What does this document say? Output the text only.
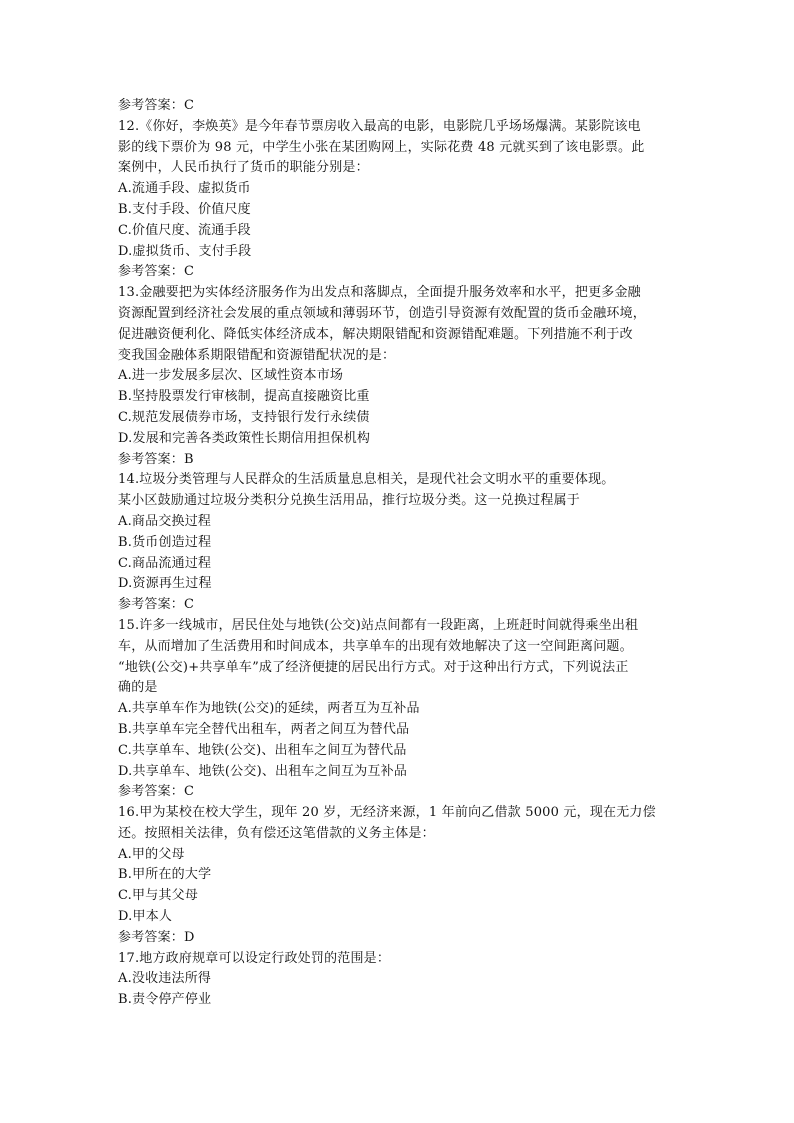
参考答案：C
12.《你好，李焕英》是今年春节票房收入最高的电影，电影院几乎场场爆满。某影院该电
影的线下票价为 98 元，中学生小张在某团购网上，实际花费 48 元就买到了该电影票。此
案例中，人民币执行了货币的职能分别是：
A.流通手段、虚拟货币
B.支付手段、价值尺度
C.价值尺度、流通手段
D.虚拟货币、支付手段
参考答案：C
13.金融要把为实体经济服务作为出发点和落脚点，全面提升服务效率和水平，把更多金融
资源配置到经济社会发展的重点领域和薄弱环节，创造引导资源有效配置的货币金融环境，
促进融资便利化、降低实体经济成本，解决期限错配和资源错配难题。下列措施不利于改
变我国金融体系期限错配和资源错配状况的是：
A.进一步发展多层次、区域性资本市场
B.坚持股票发行审核制，提高直接融资比重
C.规范发展债券市场，支持银行发行永续债
D.发展和完善各类政策性长期信用担保机构
参考答案：B
14.垃圾分类管理与人民群众的生活质量息息相关，是现代社会文明水平的重要体现。
某小区鼓励通过垃圾分类积分兑换生活用品，推行垃圾分类。这一兑换过程属于
A.商品交换过程
B.货币创造过程
C.商品流通过程
D.资源再生过程
参考答案：C
15.许多一线城市，居民住处与地铁(公交)站点间都有一段距离，上班赶时间就得乘坐出租
车，从而增加了生活费用和时间成本，共享单车的出现有效地解决了这一空间距离问题。
“地铁(公交)+共享单车”成了经济便捷的居民出行方式。对于这种出行方式，下列说法正
确的是
A.共享单车作为地铁(公交)的延续，两者互为互补品
B.共享单车完全替代出租车，两者之间互为替代品
C.共享单车、地铁(公交)、出租车之间互为替代品
D.共享单车、地铁(公交)、出租车之间互为互补品
参考答案：C
16.甲为某校在校大学生，现年 20 岁，无经济来源，1 年前向乙借款 5000 元，现在无力偿
还。按照相关法律，负有偿还这笔借款的义务主体是：
A.甲的父母
B.甲所在的大学
C.甲与其父母
D.甲本人
参考答案：D
17.地方政府规章可以设定行政处罚的范围是：
A.没收违法所得
B.责令停产停业
